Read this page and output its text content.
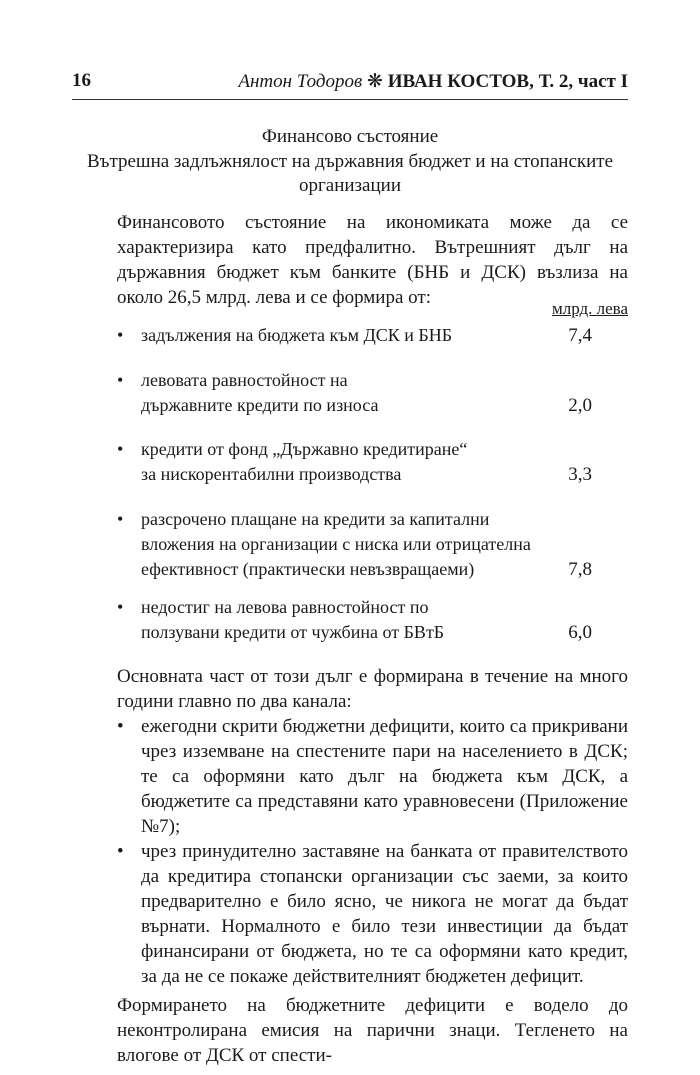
16	Антон Тодоров ❋ ИВАН КОСТОВ, Т. 2, част I
Финансово състояние
Вътрешна задлъжнялост на държавния бюджет и на стопанските организации
Финансовото състояние на икономиката може да се характеризира като предфалитно. Вътрешният дълг на държавния бюджет към банките (БНБ и ДСК) възлиза на около 26,5 млрд. лева и се формира от:
млрд. лева
• задължения на бюджета към ДСК и БНБ	7,4
• левовата равностойност на държавните кредити по износа	2,0
• кредити от фонд „Държавно кредитиране“ за нискорентабилни производства	3,3
• разсрочено плащане на кредити за капитални вложения на организации с ниска или отрицателна ефективност (практически невъзвращаеми)	7,8
• недостиг на левова равностойност по ползувани кредити от чужбина от БВтБ	6,0
Основната част от този дълг е формирана в течение на много години главно по два канала:
• ежегодни скрити бюджетни дефицити, които са прикривани чрез изземване на спестените пари на населението в ДСК; те са оформяни като дълг на бюджета към ДСК, а бюджетите са представяни като уравновесени (Приложение №7);
• чрез принудително заставяне на банката от правителството да кредитира стопански организации със заеми, за които предварително е било ясно, че никога не могат да бъдат върнати. Нормалното е било тези инвестиции да бъдат финансирани от бюджета, но те са оформяни като кредит, за да не се покаже действителният бюджетен дефицит.
Формирането на бюджетните дефицити е водело до неконтролирана емисия на парични знаци. Тегленето на влогове от ДСК от спести-
